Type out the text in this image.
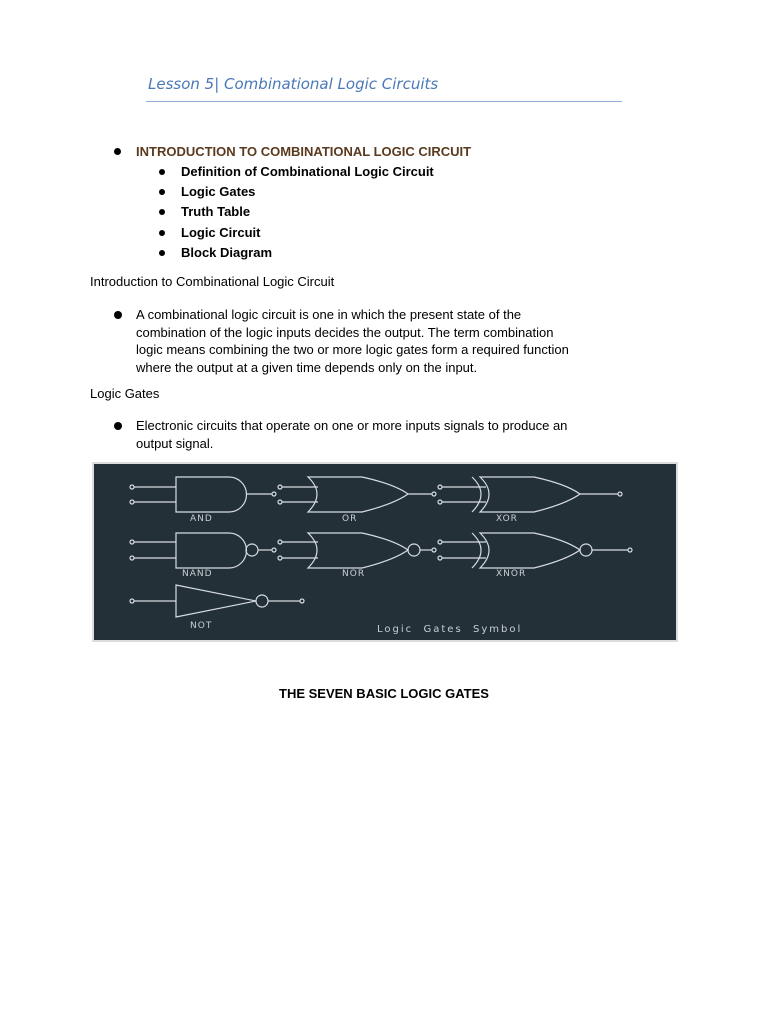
Lesson 5| Combinational Logic Circuits
INTRODUCTION TO COMBINATIONAL LOGIC CIRCUIT
Definition of Combinational Logic Circuit
Logic Gates
Truth Table
Logic Circuit
Block Diagram

Introduction to Combinational Logic Circuit

A combinational logic circuit is one in which the present state of the
combination of the logic inputs decides the output. The term combination
logic means combining the two or more logic gates form a required function
where the output at a given time depends only on the input.

Logic Gates

Electronic circuits that operate on one or more inputs signals to produce an
output signal.

AND	OR	XOR
NAND	NOR	XNOR
NOT	Logic  Gates  Symbol

THE SEVEN BASIC LOGIC GATES
